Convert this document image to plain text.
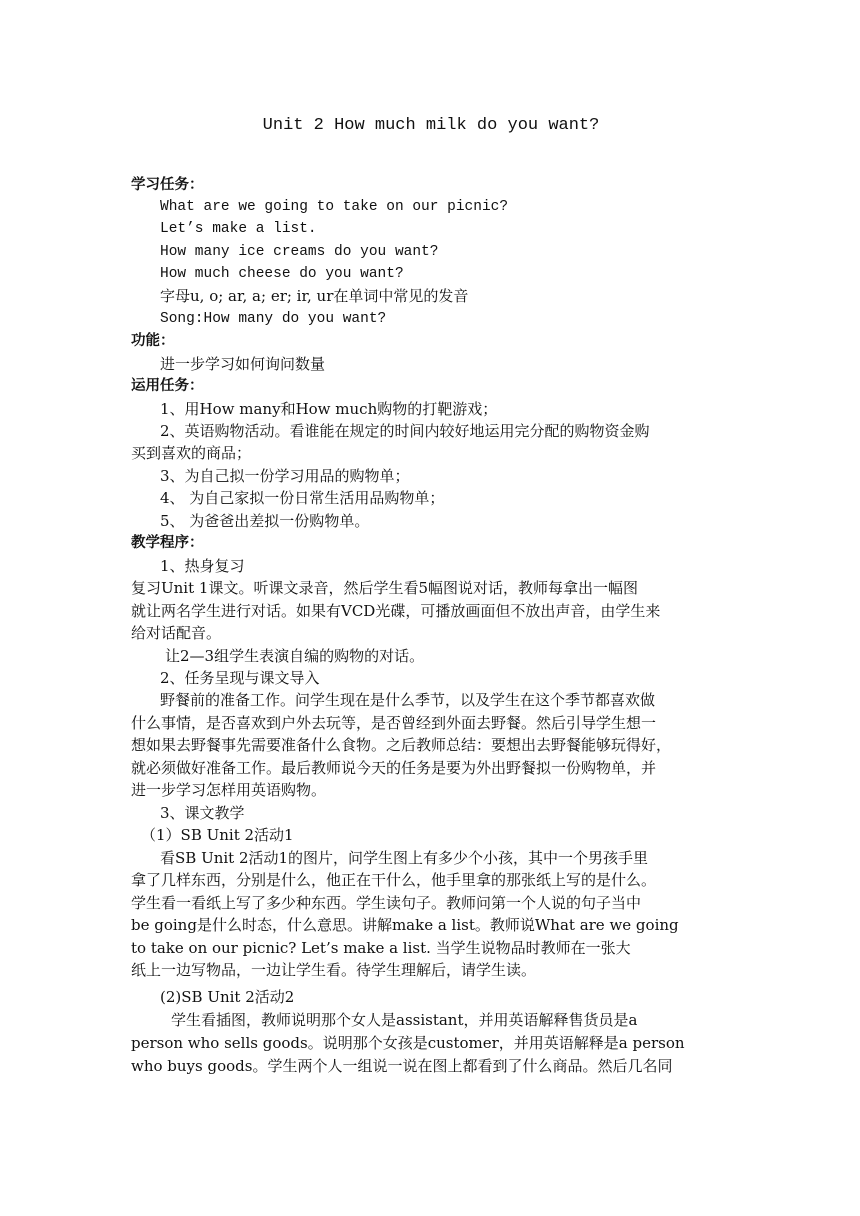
Unit 2 How much milk do you want?
学习任务：
What are we going to take on our picnic?
Let’s make a list.
How many ice creams do you want?
How much cheese do you want?
字母u, o; ar, a; er; ir, ur在单词中常见的发音
Song:How many do you want?
功能：
进一步学习如何询问数量
运用任务：
1、用How many和How much购物的打靶游戏；
2、英语购物活动。看谁能在规定的时间内较好地运用完分配的购物资金购
买到喜欢的商品；
3、为自己拟一份学习用品的购物单；
4、 为自己家拟一份日常生活用品购物单；
5、 为爸爸出差拟一份购物单。
教学程序：
1、热身复习
复习Unit 1课文。听课文录音，然后学生看5幅图说对话，教师每拿出一幅图
就让两名学生进行对话。如果有VCD光碟，可播放画面但不放出声音，由学生来
给对话配音。
让2—3组学生表演自编的购物的对话。
2、任务呈现与课文导入
野餐前的准备工作。问学生现在是什么季节，以及学生在这个季节都喜欢做
什么事情，是否喜欢到户外去玩等，是否曾经到外面去野餐。然后引导学生想一
想如果去野餐事先需要准备什么食物。之后教师总结：要想出去野餐能够玩得好，
就必须做好准备工作。最后教师说今天的任务是要为外出野餐拟一份购物单，并
进一步学习怎样用英语购物。
3、课文教学
（1）SB Unit 2活动1
看SB Unit 2活动1的图片，问学生图上有多少个小孩，其中一个男孩手里
拿了几样东西，分别是什么，他正在干什么，他手里拿的那张纸上写的是什么。
学生看一看纸上写了多少种东西。学生读句子。教师问第一个人说的句子当中
be going是什么时态，什么意思。讲解make a list。教师说What are we going
to take on our picnic? Let’s make a list. 当学生说物品时教师在一张大
纸上一边写物品，一边让学生看。待学生理解后，请学生读。
(2)SB Unit 2活动2
学生看插图，教师说明那个女人是assistant，并用英语解释售货员是a
person who sells goods。说明那个女孩是customer，并用英语解释是a person
who buys goods。学生两个人一组说一说在图上都看到了什么商品。然后几名同
